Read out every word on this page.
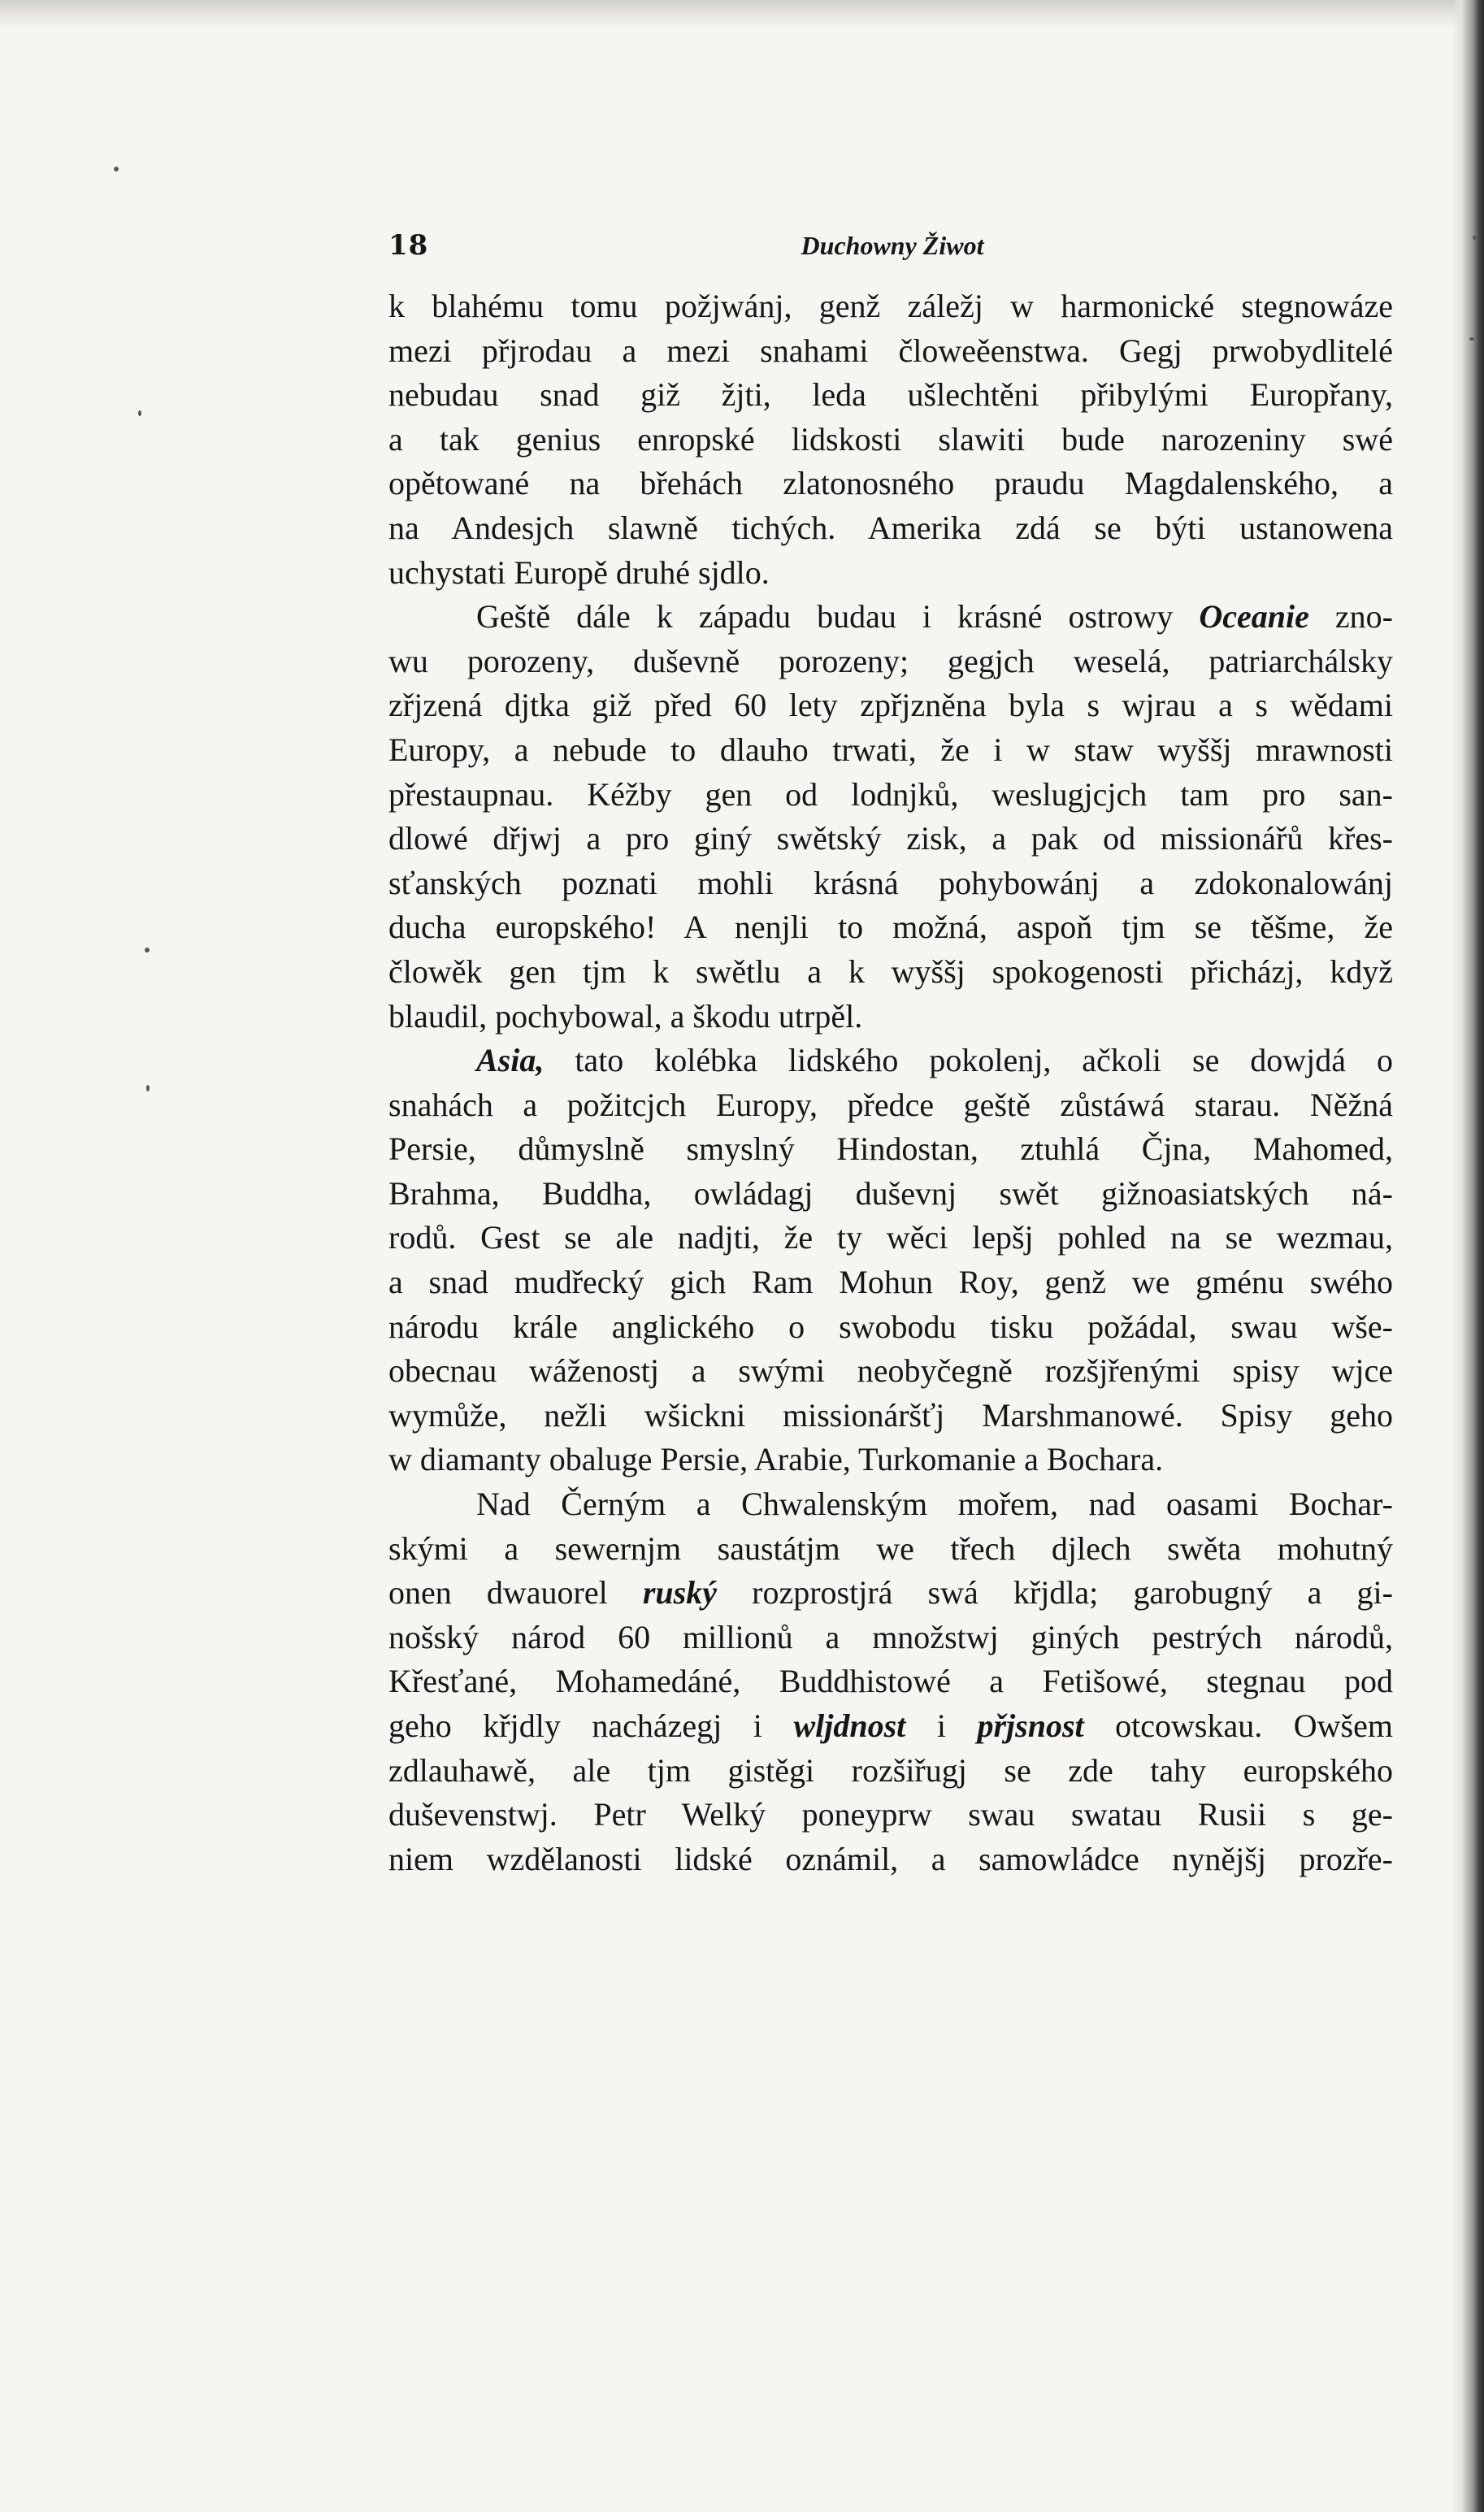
18	Duchowny Žiwot
k blahému tomu požjwánj, genž záležj w harmonické stegnowáze
mezi přjrodau a mezi snahami čloweěenstwa. Gegj prwobydlitelé
nebudau snad giž žjti, leda ušlechtěni přibylými Europřany,
a tak genius enropské lidskosti slawiti bude narozeniny swé
opětowané na břehách zlatonosného praudu Magdalenského, a
na Andesjch slawně tichých. Amerika zdá se býti ustanowena
uchystati Europě druhé sjdlo.
Geště dále k západu budau i krásné ostrowy Oceanie zno-
wu porozeny, duševně porozeny; gegjch weselá, patriarchálsky
zřjzená djtka giž před 60 lety zpřjzněna byla s wjrau a s wědami
Europy, a nebude to dlauho trwati, že i w staw wyššj mrawnosti
přestaupnau. Kéžby gen od lodnjků, weslugjcjch tam pro san-
dlowé dřjwj a pro giný swětský zisk, a pak od missionářů křes-
sťanských poznati mohli krásná pohybowánj a zdokonalowánj
ducha europského! A nenjli to možná, aspoň tjm se těšme, že
člowěk gen tjm k swětlu a k wyššj spokogenosti přicházj, když
blaudil, pochybowal, a škodu utrpěl.
Asia, tato kolébka lidského pokolenj, ačkoli se dowjdá o
snahách a požitcjch Europy, předce geště zůstáwá starau. Něžná
Persie, důmyslně smyslný Hindostan, ztuhlá Čjna, Mahomed,
Brahma, Buddha, owládagj duševnj swět gižnoasiatských ná-
rodů. Gest se ale nadjti, že ty wěci lepšj pohled na se wezmau,
a snad mudřecký gich Ram Mohun Roy, genž we gménu swého
národu krále anglického o swobodu tisku požádal, swau wše-
obecnau wáženostj a swými neobyčegně rozšjřenými spisy wjce
wymůže, nežli wšickni missionáršťj Marshmanowé. Spisy geho
w diamanty obaluge Persie, Arabie, Turkomanie a Bochara.
Nad Černým a Chwalenským mořem, nad oasami Bochar-
skými a sewernjm saustátjm we třech djlech swěta mohutný
onen dwauorel ruský rozprostjrá swá křjdla; garobugný a gi-
nošský národ 60 millionů a množstwj giných pestrých národů,
Křesťané, Mohamedáné, Buddhistowé a Fetišowé, stegnau pod
geho křjdly nacházegj i wljdnost i přjsnost otcowskau. Owšem
zdlauhawě, ale tjm gistěgi rozšiřugj se zde tahy europského
duševenstwj. Petr Welký poneyprw swau swatau Rusii s ge-
niem wzdělanosti lidské oznámil, a samowládce nynějšj prozře-
